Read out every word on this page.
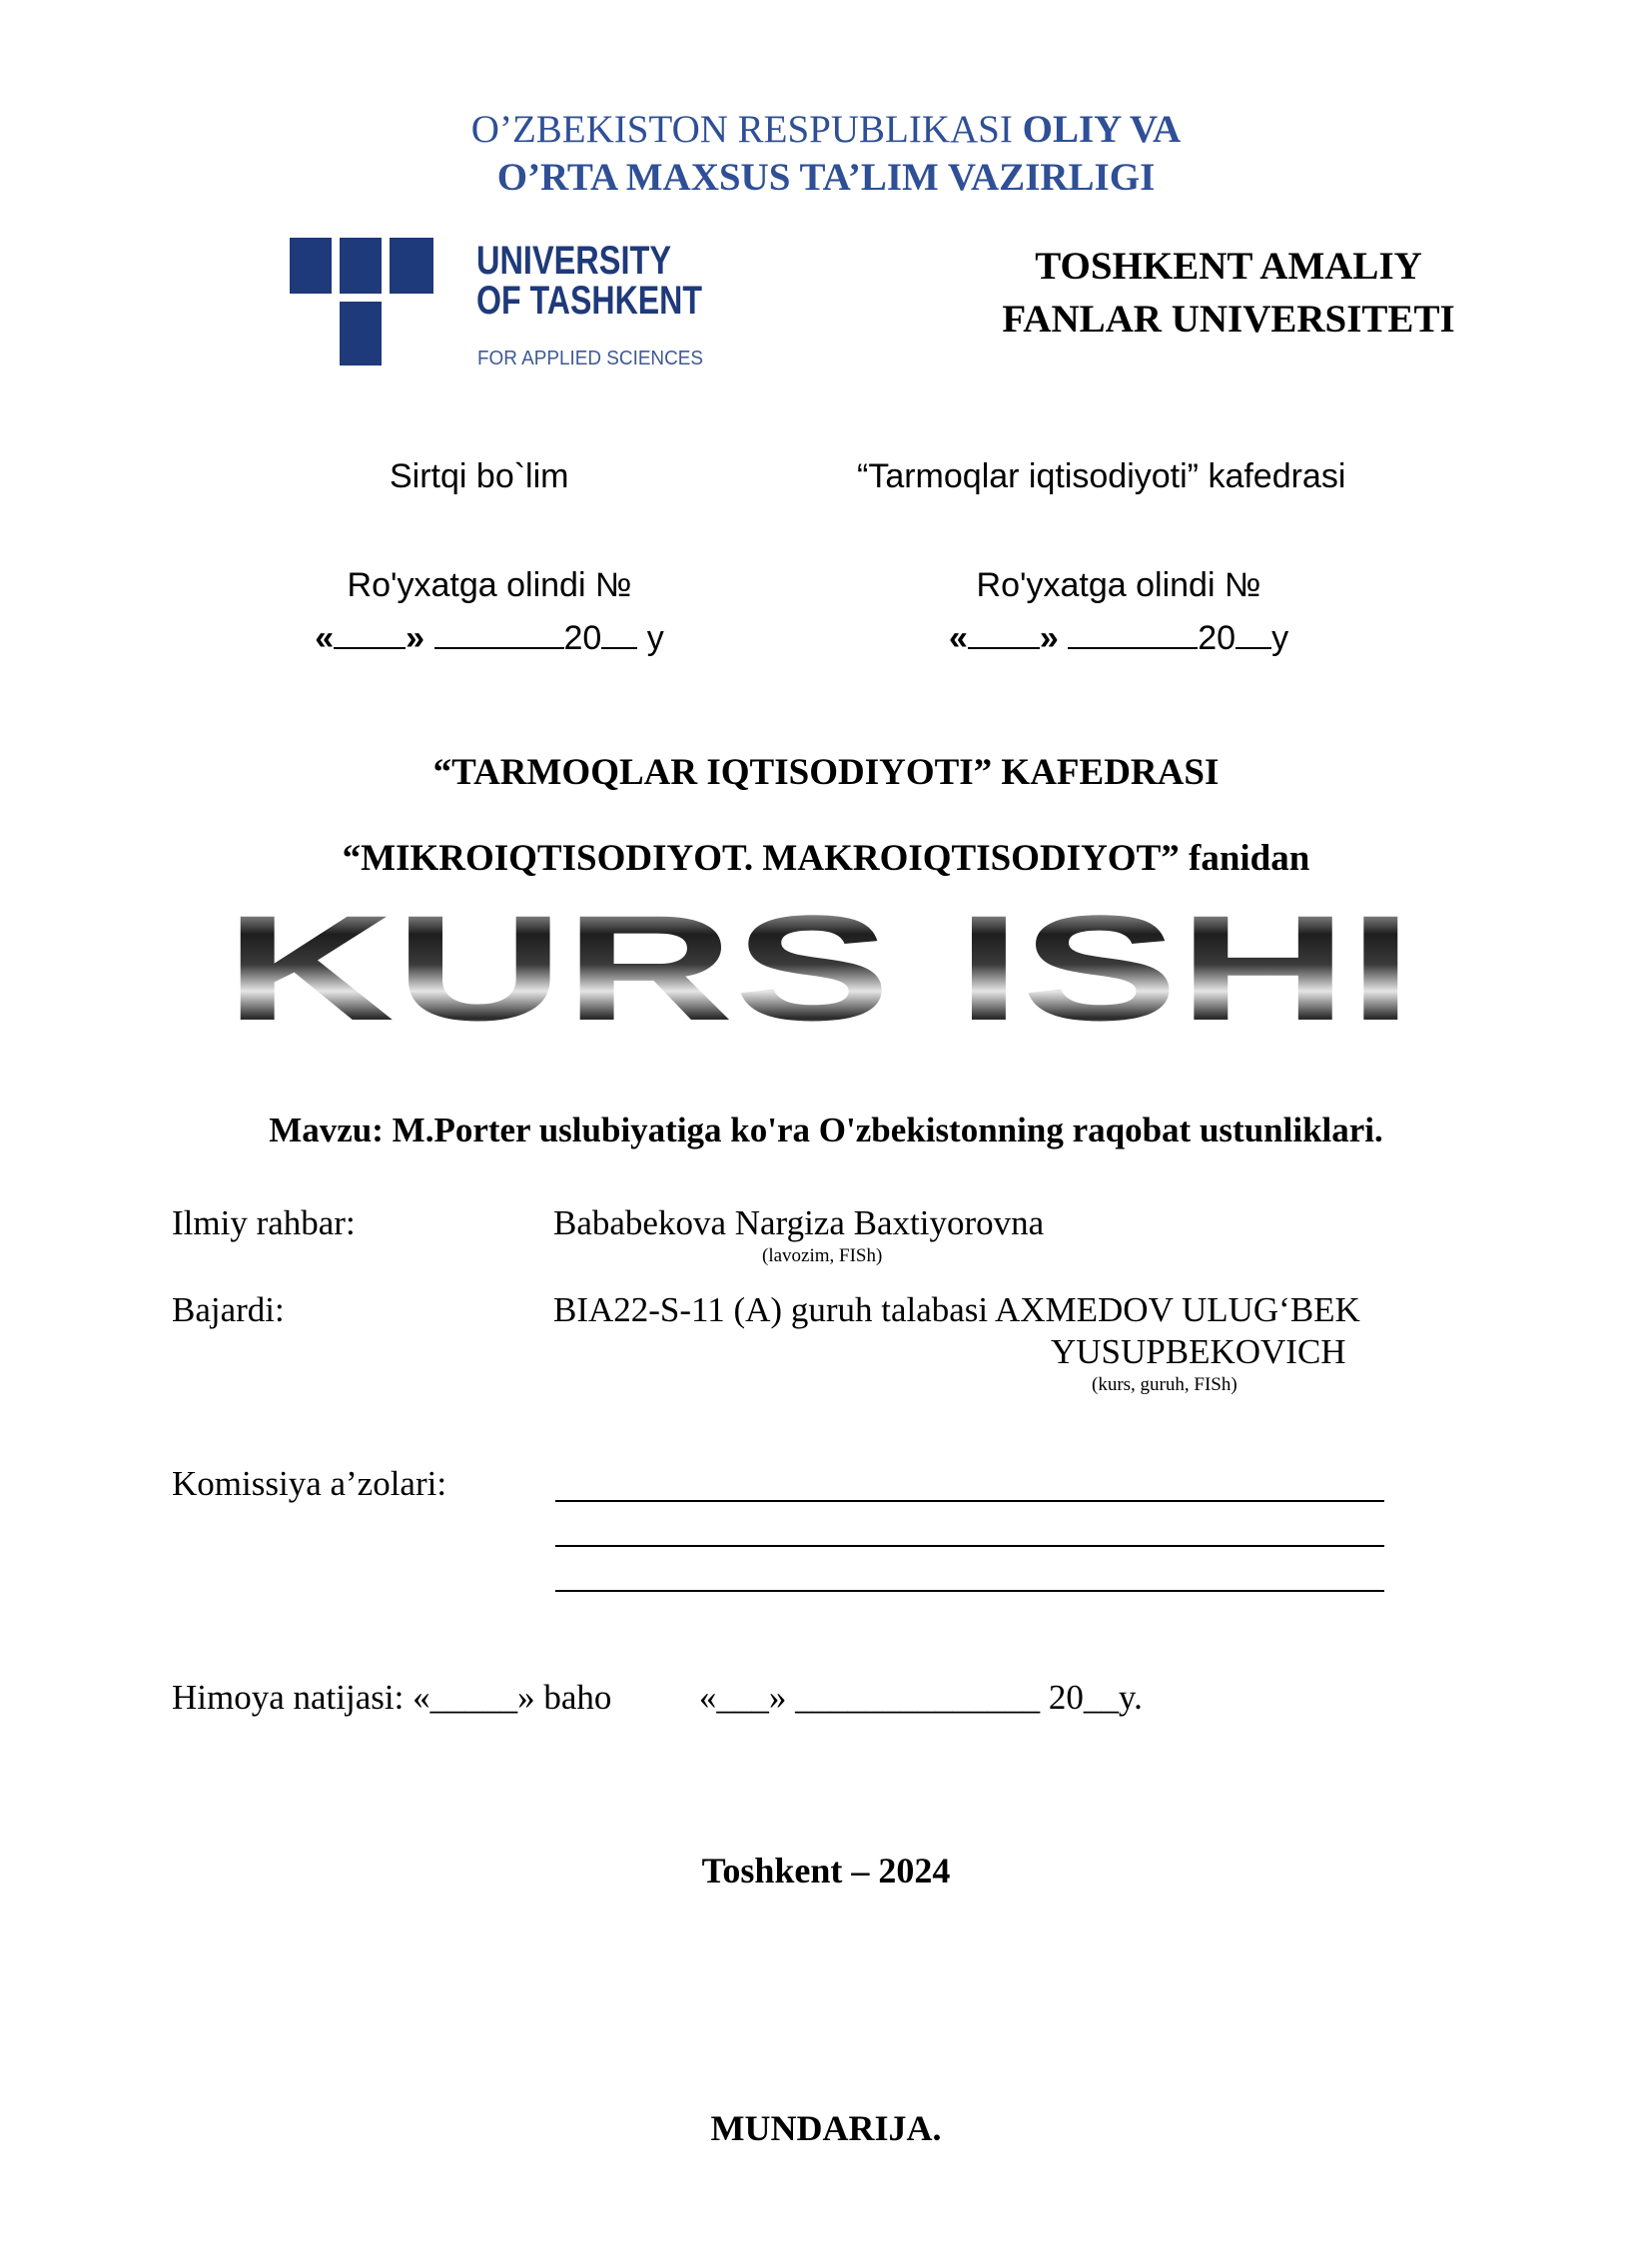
O’ZBEKISTON RESPUBLIKASI OLIY VA
O’RTA MAXSUS TA’LIM VAZIRLIGI
UNIVERSITY
OF TASHKENT
FOR APPLIED SCIENCES
TOSHKENT AMALIY
FANLAR UNIVERSITETI
Sirtqi bo`lim	“Tarmoqlar iqtisodiyoti” kafedrasi
Ro'yxatga olindi №
« »	20 y
Ro'yxatga olindi №
« »	20 y
“TARMOQLAR IQTISODIYOTI” KAFEDRASI
“MIKROIQTISODIYOT. MAKROIQTISODIYOT” fanidan
KURS ISHI
Mavzu: M.Porter uslubiyatiga ko'ra O'zbekistonning raqobat ustunliklari.
Ilmiy rahbar:	Bababekova Nargiza Baxtiyorovna
(lavozim, FISh)
Bajardi:	BIA22-S-11 (A) guruh talabasi AXMEDOV ULUG‘BEK
YUSUPBEKOVICH
(kurs, guruh, FISh)
Komissiya a’zolari:
Himoya natijasi: «_____» baho          «___» ______________ 20__y.
Toshkent – 2024
MUNDARIJA.
